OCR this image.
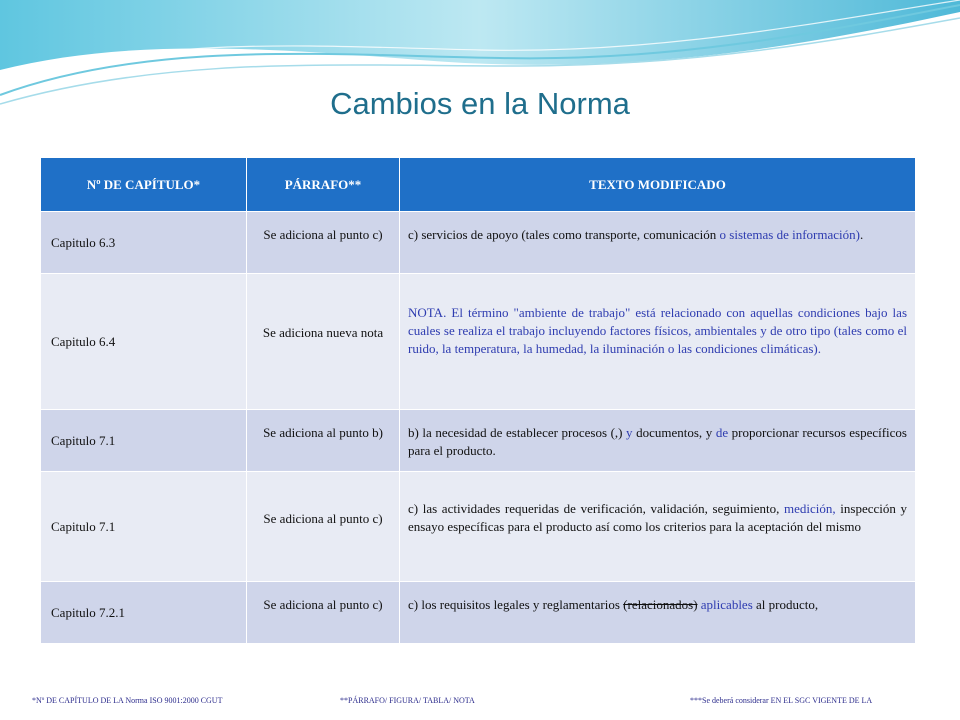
Cambios en la Norma
Nº DE CAPÍTULO*	PÁRRAFO**	TEXTO MODIFICADO
Capitulo 6.3	Se adiciona al punto c)	c) servicios de apoyo (tales como transporte, comunicación o sistemas de información).
Capitulo 6.4	Se adiciona nueva nota	NOTA. El término "ambiente de trabajo" está relacionado con aquellas condiciones bajo las cuales se realiza el trabajo incluyendo factores físicos, ambientales y de otro tipo (tales como el ruido, la temperatura, la humedad, la iluminación o las condiciones climáticas).

Capitulo 7.1	Se adiciona al punto b)	b) la necesidad de establecer procesos (,) y documentos, y de proporcionar recursos específicos para el producto.
Capitulo 7.1	Se adiciona al punto c)	c) las actividades requeridas de verificación, validación, seguimiento, medición, inspección y ensayo específicas para el producto así como los criterios para la aceptación del mismo
Capitulo 7.2.1	Se adiciona al punto c)	c) los requisitos legales y reglamentarios (relacionados) aplicables al producto,
*Nº DE CAPÍTULO DE LA Norma ISO 9001:2000 CGUT	**PÁRRAFO/ FIGURA/ TABLA/ NOTA	***Se deberá considerar EN EL SGC VIGENTE DE LA
